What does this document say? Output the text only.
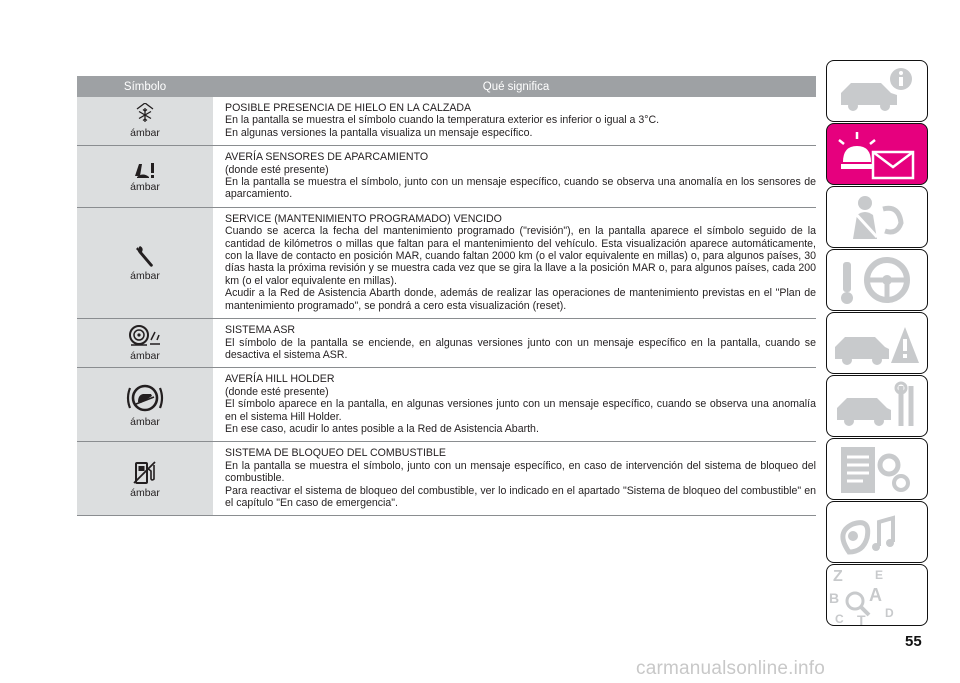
Símbolo	Qué significa
ámbar
POSIBLE PRESENCIA DE HIELO EN LA CALZADA
En la pantalla se muestra el símbolo cuando la temperatura exterior es inferior o igual a 3°C.
En algunas versiones la pantalla visualiza un mensaje específico.
ámbar
AVERÍA SENSORES DE APARCAMIENTO
(donde esté presente)
En la pantalla se muestra el símbolo, junto con un mensaje específico, cuando se observa una anomalía en los sensores de aparcamiento.
ámbar
SERVICE (MANTENIMIENTO PROGRAMADO) VENCIDO
Cuando se acerca la fecha del mantenimiento programado ("revisión"), en la pantalla aparece el símbolo seguido de la cantidad de kilómetros o millas que faltan para el mantenimiento del vehículo. Esta visualización aparece automáticamente, con la llave de contacto en posición MAR, cuando faltan 2000 km (o el valor equivalente en millas) o, para algunos países, 30 días hasta la próxima revisión y se muestra cada vez que se gira la llave a la posición MAR o, para algunos países, cada 200 km (o el valor equivalente en millas).
Acudir a la Red de Asistencia Abarth donde, además de realizar las operaciones de mantenimiento previstas en el "Plan de mantenimiento programado", se pondrá a cero esta visualización (reset).
ámbar
SISTEMA ASR
El símbolo de la pantalla se enciende, en algunas versiones junto con un mensaje específico en la pantalla, cuando se desactiva el sistema ASR.
ámbar
AVERÍA HILL HOLDER
(donde esté presente)
El símbolo aparece en la pantalla, en algunas versiones junto con un mensaje específico, cuando se observa una anomalía en el sistema Hill Holder.
En ese caso, acudir lo antes posible a la Red de Asistencia Abarth.
ámbar
SISTEMA DE BLOQUEO DEL COMBUSTIBLE
En la pantalla se muestra el símbolo, junto con un mensaje específico, en caso de intervención del sistema de bloqueo del combustible.
Para reactivar el sistema de bloqueo del combustible, ver lo indicado en el apartado "Sistema de bloqueo del combustible" en el capítulo "En caso de emergencia".
Z	E
B A
C T D
55
carmanualsonline.info
